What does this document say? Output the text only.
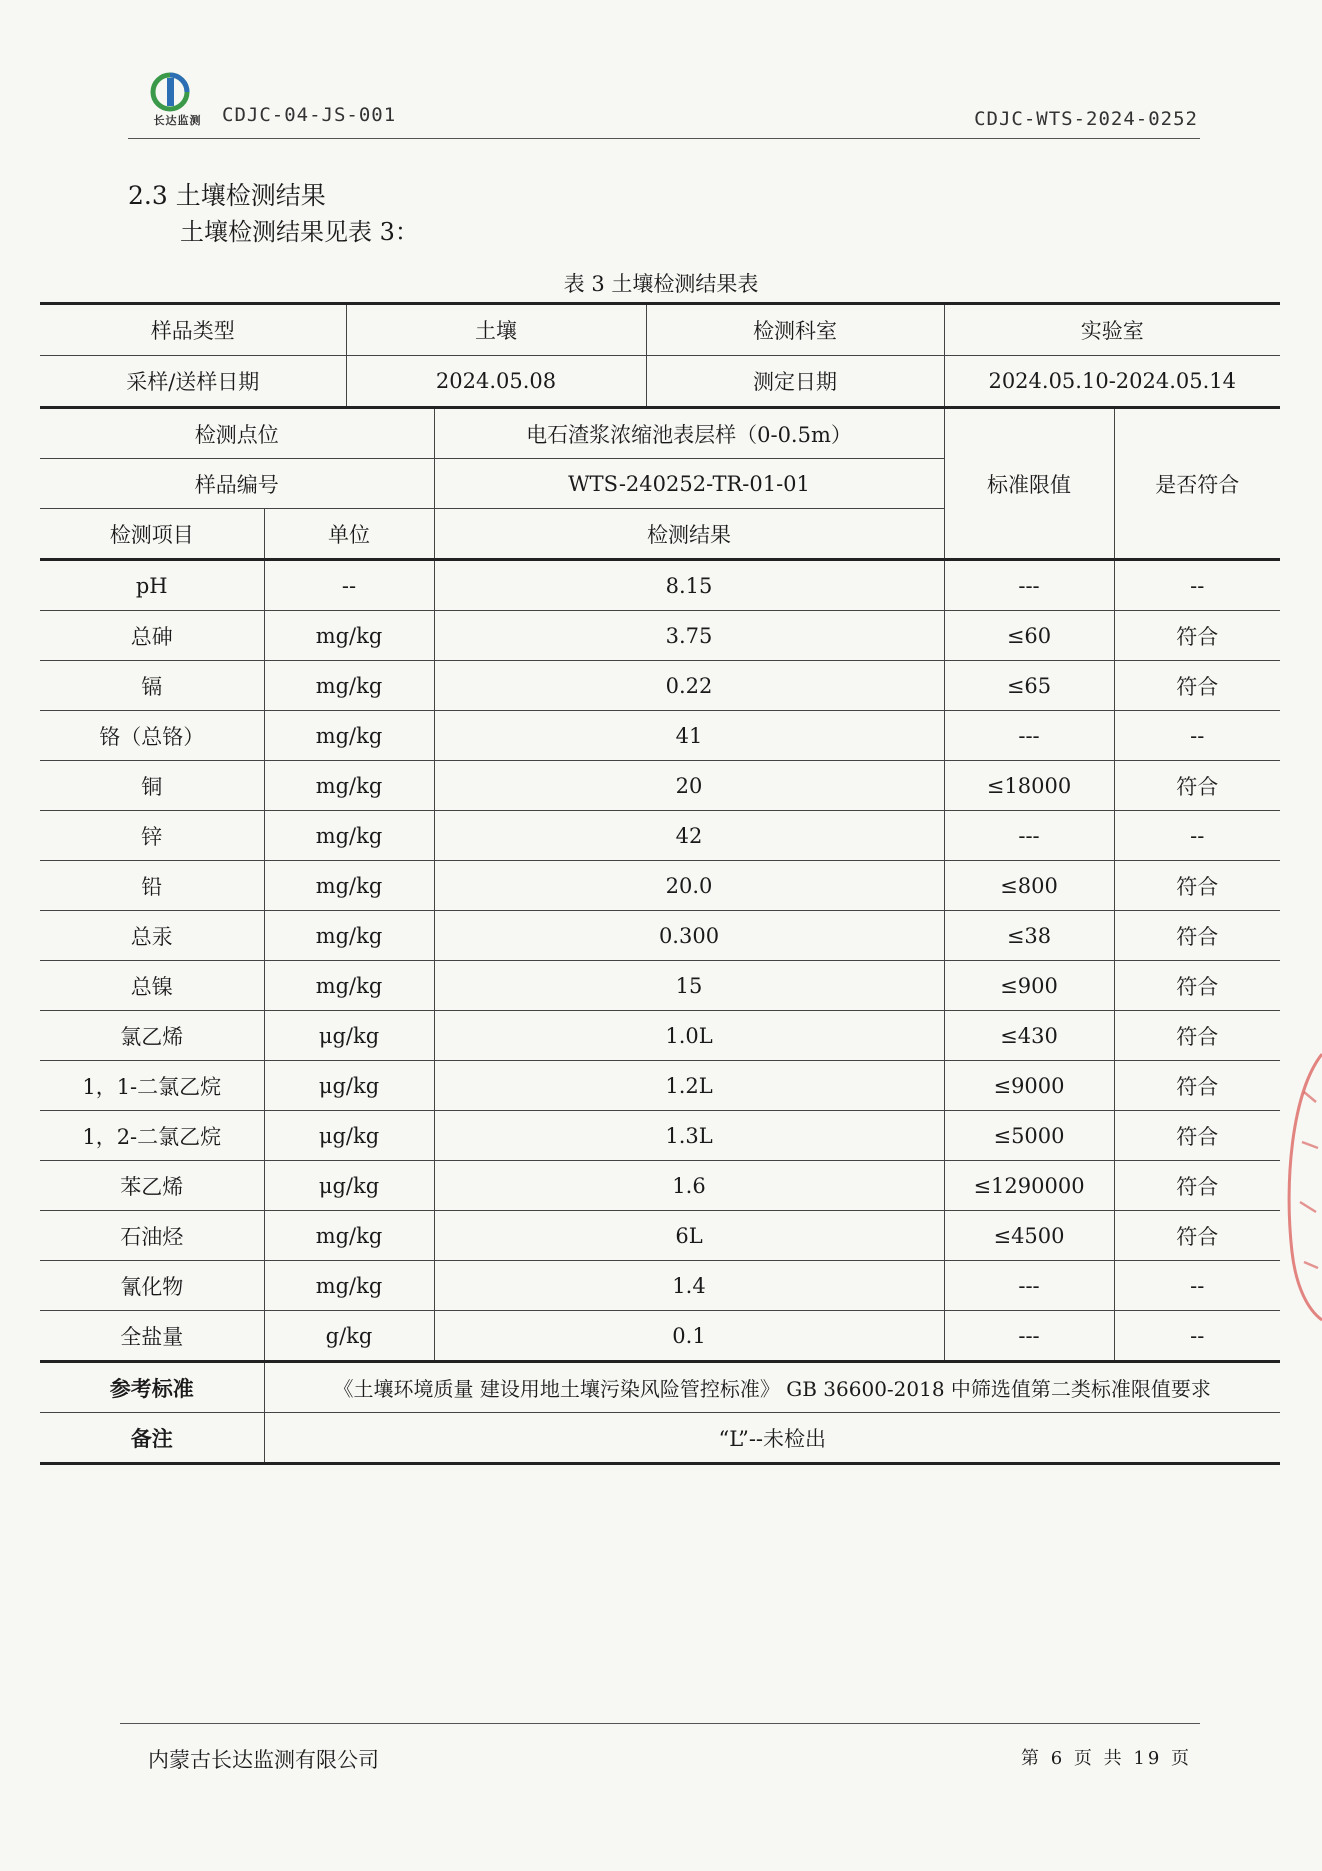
长达监测	CDJC-04-JS-001	CDJC-WTS-2024-0252
2.3 土壤检测结果
土壤检测结果见表 3：
表 3 土壤检测结果表
样品类型		土壤		检测科室	实验室	
采样/送样日期		2024.05.08		测定日期	2024.05.10-2024.05.14	
检测点位			电石渣浆浓缩池表层样（0-0.5m）		标准限值	是否符合
样品编号			WTS-240252-TR-01-01			
检测项目	单位		检测结果			
pH	--		8.15		---	--
总砷	mg/kg		3.75		≤60	符合
镉	mg/kg		0.22		≤65	符合
铬（总铬）	mg/kg		41		---	--
铜	mg/kg		20		≤18000	符合
锌	mg/kg		42		---	--
铅	mg/kg		20.0		≤800	符合
总汞	mg/kg		0.300		≤38	符合
总镍	mg/kg		15		≤900	符合
氯乙烯	μg/kg		1.0L		≤430	符合
1，1-二氯乙烷	μg/kg		1.2L		≤9000	符合
1，2-二氯乙烷	μg/kg		1.3L		≤5000	符合
苯乙烯	μg/kg		1.6		≤1290000	符合
石油烃	mg/kg		6L		≤4500	符合
氰化物	mg/kg		1.4		---	--
全盐量	g/kg		0.1		---	--
参考标准	《土壤环境质量 建设用地土壤污染风险管控标准》 GB 36600-2018 中筛选值第二类标准限值要求					
备注	“L”--未检出					
内蒙古长达监测有限公司	第 6 页 共 19 页
